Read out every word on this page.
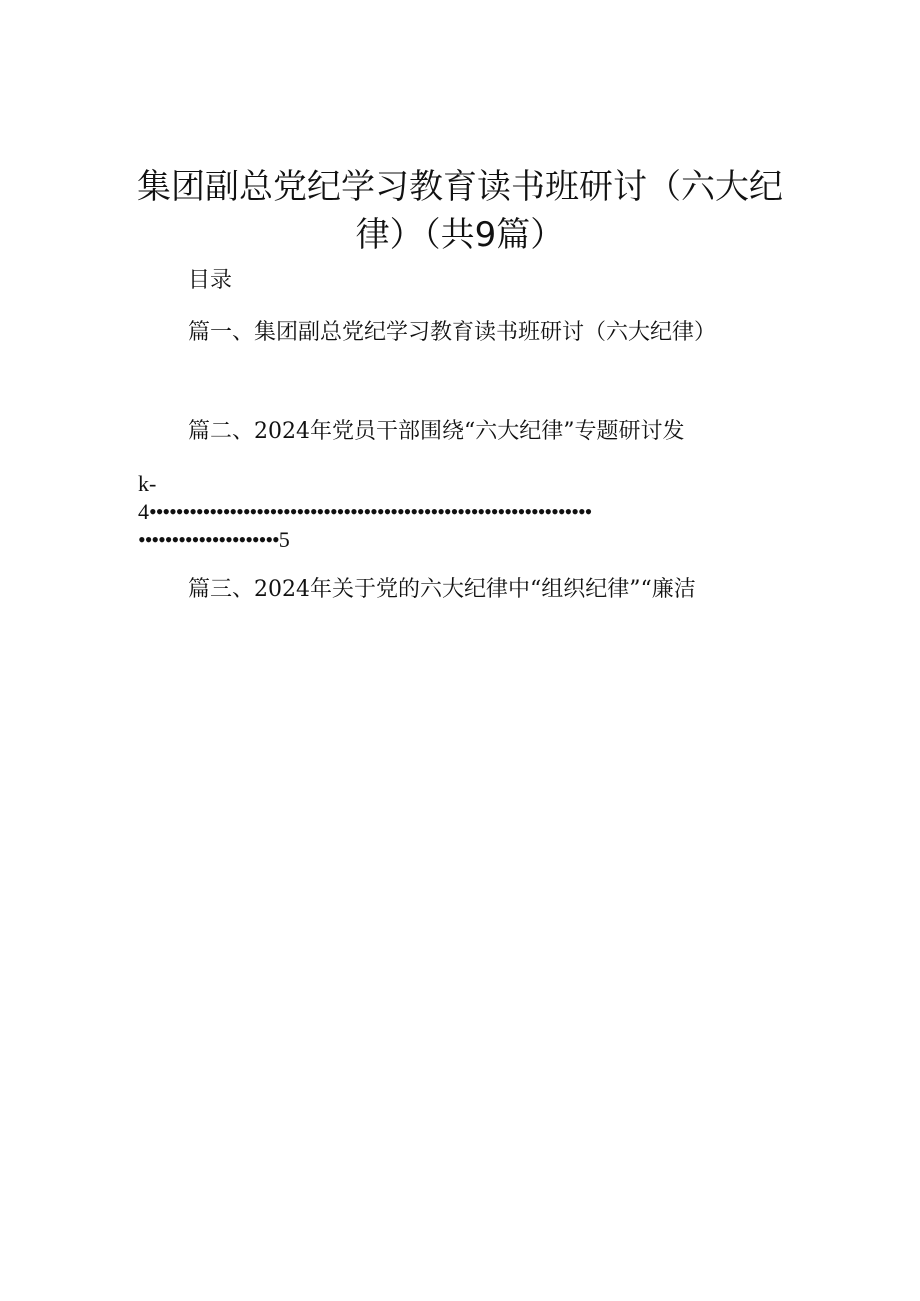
集团副总党纪学习教育读书班研讨（六大纪
律）（共9篇）
目录
篇一、集团副总党纪学习教育读书班研讨（六大纪律）
篇二、2024年党员干部围绕“六大纪律”专题研讨发
k-
4••••••••••••••••••••••••••••••••••••••••••••••••••••••••••••••••••
•••••••••••••••••••••5
篇三、2024年关于党的六大纪律中“组织纪律”“廉洁
